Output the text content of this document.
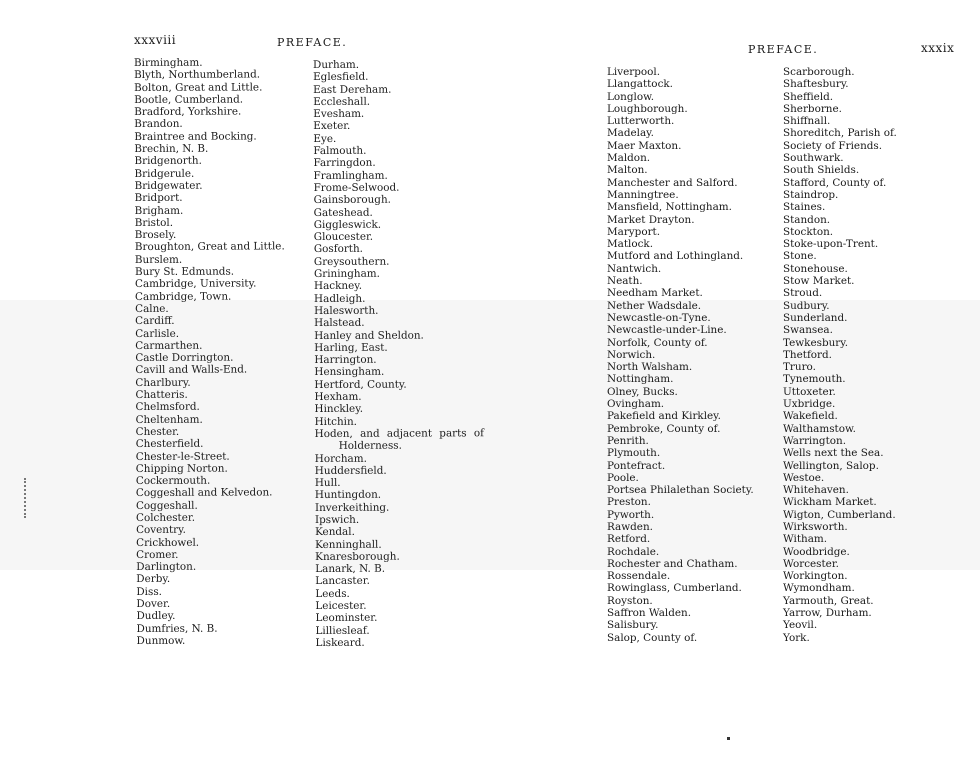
xxxviii	PREFACE.
PREFACE.	xxxix
Birmingham.
Blyth, Northumberland.
Bolton, Great and Little.
Bootle, Cumberland.
Bradford, Yorkshire.
Brandon.
Braintree and Bocking.
Brechin, N. B.
Bridgenorth.
Bridgerule.
Bridgewater.
Bridport.
Brigham.
Bristol.
Brosely.
Broughton, Great and Little.
Burslem.
Bury St. Edmunds.
Cambridge, University.
Cambridge, Town.
Calne.
Cardiff.
Carlisle.
Carmarthen.
Castle Dorrington.
Cavill and Walls-End.
Charlbury.
Chatteris.
Chelmsford.
Cheltenham.
Chester.
Chesterfield.
Chester-le-Street.
Chipping Norton.
Cockermouth.
Coggeshall and Kelvedon.
Coggeshall.
Colchester.
Coventry.
Crickhowel.
Cromer.
Darlington.
Derby.
Diss.
Dover.
Dudley.
Dumfries, N. B.
Dunmow.
Durham.
Eglesfield.
East Dereham.
Eccleshall.
Evesham.
Exeter.
Eye.
Falmouth.
Farringdon.
Framlingham.
Frome-Selwood.
Gainsborough.
Gateshead.
Giggleswick.
Gloucester.
Gosforth.
Greysouthern.
Griningham.
Hackney.
Hadleigh.
Halesworth.
Halstead.
Hanley and Sheldon.
Harling, East.
Harrington.
Hensingham.
Hertford, County.
Hexham.
Hinckley.
Hitchin.
Hoden, and adjacent parts of
Holderness.
Horcham.
Huddersfield.
Hull.
Huntingdon.
Inverkeithing.
Ipswich.
Kendal.
Kenninghall.
Knaresborough.
Lanark, N. B.
Lancaster.
Leeds.
Leicester.
Leominster.
Lilliesleaf.
Liskeard.
Liverpool.
Llangattock.
Longlow.
Loughborough.
Lutterworth.
Madelay.
Maer Maxton.
Maldon.
Malton.
Manchester and Salford.
Manningtree.
Mansfield, Nottingham.
Market Drayton.
Maryport.
Matlock.
Mutford and Lothingland.
Nantwich.
Neath.
Needham Market.
Nether Wadsdale.
Newcastle-on-Tyne.
Newcastle-under-Line.
Norfolk, County of.
Norwich.
North Walsham.
Nottingham.
Olney, Bucks.
Ovingham.
Pakefield and Kirkley.
Pembroke, County of.
Penrith.
Plymouth.
Pontefract.
Poole.
Portsea Philalethan Society.
Preston.
Pyworth.
Rawden.
Retford.
Rochdale.
Rochester and Chatham.
Rossendale.
Rowinglass, Cumberland.
Royston.
Saffron Walden.
Salisbury.
Salop, County of.
Scarborough.
Shaftesbury.
Sheffield.
Sherborne.
Shiffnall.
Shoreditch, Parish of.
Society of Friends.
Southwark.
South Shields.
Stafford, County of.
Staindrop.
Staines.
Standon.
Stockton.
Stoke-upon-Trent.
Stone.
Stonehouse.
Stow Market.
Stroud.
Sudbury.
Sunderland.
Swansea.
Tewkesbury.
Thetford.
Truro.
Tynemouth.
Uttoxeter.
Uxbridge.
Wakefield.
Walthamstow.
Warrington.
Wells next the Sea.
Wellington, Salop.
Westoe.
Whitehaven.
Wickham Market.
Wigton, Cumberland.
Wirksworth.
Witham.
Woodbridge.
Worcester.
Workington.
Wymondham.
Yarmouth, Great.
Yarrow, Durham.
Yeovil.
York.
